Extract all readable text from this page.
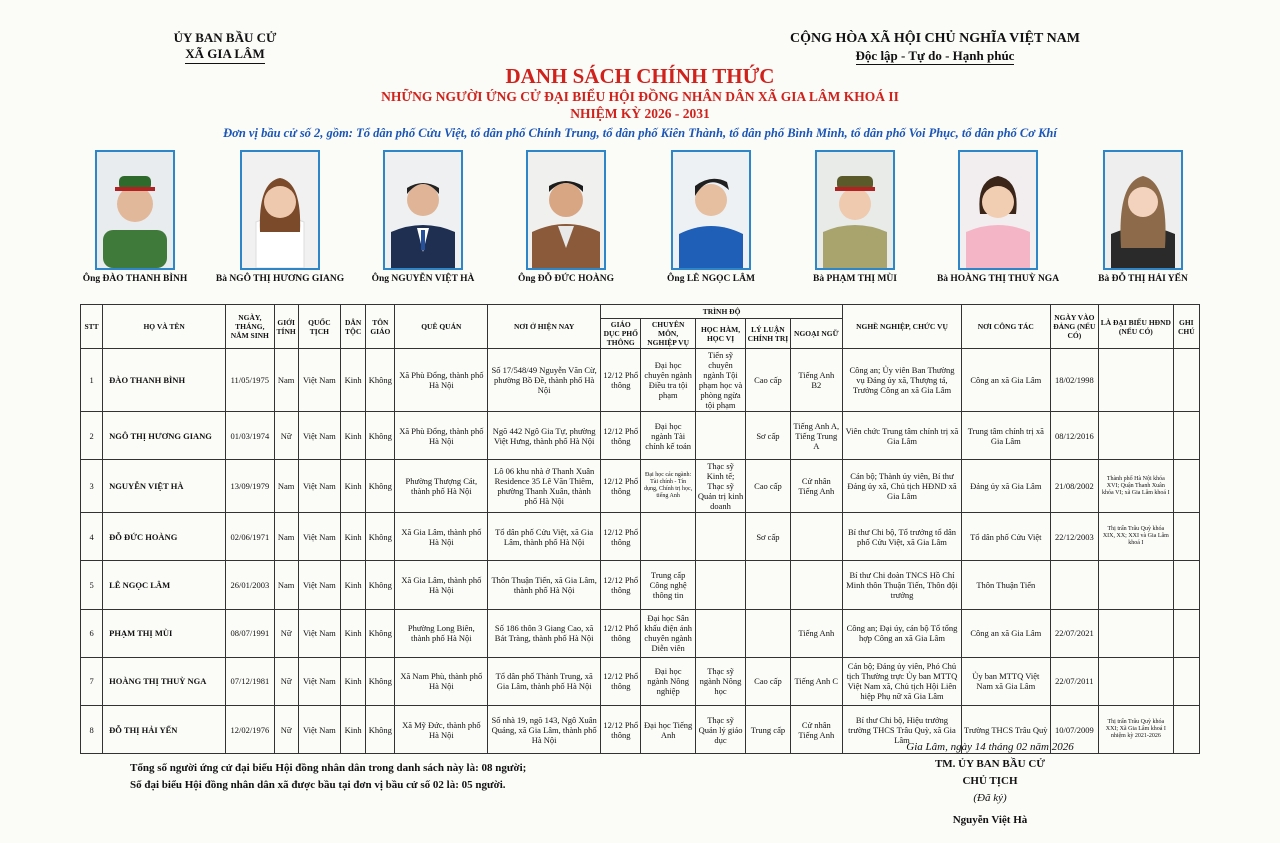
ỦY BAN BẦU CỬ
XÃ GIA LÂM
CỘNG HÒA XÃ HỘI CHỦ NGHĨA VIỆT NAM
Độc lập - Tự do - Hạnh phúc
DANH SÁCH CHÍNH THỨC
NHỮNG NGƯỜI ỨNG CỬ ĐẠI BIỂU HỘI ĐỒNG NHÂN DÂN XÃ GIA LÂM KHOÁ II
NHIỆM KỲ 2026 - 2031
Đơn vị bầu cử số 2, gồm: Tổ dân phố Cửu Việt, tổ dân phố Chính Trung, tổ dân phố Kiên Thành, tổ dân phố Bình Minh, tổ dân phố Voi Phục, tổ dân phố Cơ Khí
Ông ĐÀO THANH BÌNH	Bà NGÔ THỊ HƯƠNG GIANG	Ông NGUYỄN VIỆT HÀ	Ông ĐỖ ĐỨC HOÀNG	Ông LÊ NGỌC LÂM	Bà PHẠM THỊ MÙI	Bà HOÀNG THỊ THUỲ NGA	Bà ĐỖ THỊ HẢI YẾN
STT	HỌ VÀ TÊN	NGÀY, THÁNG, NĂM SINH	GIỚI TÍNH	QUỐC TỊCH	DÂN TỘC	TÔN GIÁO	QUÊ QUÁN	NƠI Ở HIỆN NAY	TRÌNH ĐỘ					NGHỀ NGHIỆP, CHỨC VỤ	NƠI CÔNG TÁC	NGÀY VÀO ĐẢNG (NẾU CÓ)	LÀ ĐẠI BIỂU HĐND (NẾU CÓ)	GHI CHÚ
									GIÁO DỤC PHỔ THÔNG	CHUYÊN MÔN, NGHIỆP VỤ	HỌC HÀM, HỌC VỊ	LÝ LUẬN CHÍNH TRỊ	NGOẠI NGỮ					
1	ĐÀO THANH BÌNH	11/05/1975	Nam	Việt Nam	Kinh	Không	Xã Phù Đổng, thành phố Hà Nội	Số 17/548/49 Nguyễn Văn Cừ, phường Bồ Đề, thành phố Hà Nội	12/12 Phổ thông	Đại học chuyên ngành Điều tra tội phạm	Tiến sỹ chuyên ngành Tội phạm học và phòng ngừa tội phạm	Cao cấp	Tiếng Anh B2	Công an; Ủy viên Ban Thường vụ Đảng ủy xã, Thượng tá, Trưởng Công an xã Gia Lâm	Công an xã Gia Lâm	18/02/1998		
2	NGÔ THỊ HƯƠNG GIANG	01/03/1974	Nữ	Việt Nam	Kinh	Không	Xã Phù Đổng, thành phố Hà Nội	Ngõ 442 Ngô Gia Tự, phường Việt Hưng, thành phố Hà Nội	12/12 Phổ thông	Đại học ngành Tài chính kế toán		Sơ cấp	Tiếng Anh A, Tiếng Trung A	Viên chức Trung tâm chính trị xã Gia Lâm	Trung tâm chính trị xã Gia Lâm	08/12/2016		
3	NGUYỄN VIỆT HÀ	13/09/1979	Nam	Việt Nam	Kinh	Không	Phường Thượng Cát, thành phố Hà Nội	Lô 06 khu nhà ở Thanh Xuân Residence 35 Lê Văn Thiêm, phường Thanh Xuân, thành phố Hà Nội	12/12 Phổ thông	Đại học các ngành: Tài chính - Tín dụng, Chính trị học, tiếng Anh	Thạc sỹ Kinh tế; Thạc sỹ Quản trị kinh doanh	Cao cấp	Cử nhân Tiếng Anh	Cán bộ; Thành ủy viên, Bí thư Đảng ủy xã, Chủ tịch HĐND xã Gia Lâm	Đảng ủy xã Gia Lâm	21/08/2002	Thành phố Hà Nội khóa XVI; Quận Thanh Xuân khóa VI; xã Gia Lâm khoá I	
4	ĐỖ ĐỨC HOÀNG	02/06/1971	Nam	Việt Nam	Kinh	Không	Xã Gia Lâm, thành phố Hà Nội	Tổ dân phố Cửu Việt, xã Gia Lâm, thành phố Hà Nội	12/12 Phổ thông			Sơ cấp		Bí thư Chi bộ, Tổ trưởng tổ dân phố Cửu Việt, xã Gia Lâm	Tổ dân phố Cửu Việt	22/12/2003	Thị trấn Trâu Quỳ khóa XIX, XX; XXI và Gia Lâm khoá I	
5	LÊ NGỌC LÂM	26/01/2003	Nam	Việt Nam	Kinh	Không	Xã Gia Lâm, thành phố Hà Nội	Thôn Thuận Tiến, xã Gia Lâm, thành phố Hà Nội	12/12 Phổ thông	Trung cấp Công nghệ thông tin				Bí thư Chi đoàn TNCS Hồ Chí Minh thôn Thuận Tiến, Thôn đội trưởng	Thôn Thuận Tiến			
6	PHẠM THỊ MÙI	08/07/1991	Nữ	Việt Nam	Kinh	Không	Phường Long Biên, thành phố Hà Nội	Số 186 thôn 3 Giang Cao, xã Bát Tràng, thành phố Hà Nội	12/12 Phổ thông	Đại học Sân khấu điện ảnh chuyên ngành Diễn viên			Tiếng Anh	Công an; Đại úy, cán bộ Tổ tổng hợp Công an xã Gia Lâm	Công an xã Gia Lâm	22/07/2021		
7	HOÀNG THỊ THUỲ NGA	07/12/1981	Nữ	Việt Nam	Kinh	Không	Xã Nam Phù, thành phố Hà Nội	Tổ dân phố Thành Trung, xã Gia Lâm, thành phố Hà Nội	12/12 Phổ thông	Đại học ngành Nông nghiệp	Thạc sỹ ngành Nông học	Cao cấp	Tiếng Anh C	Cán bộ; Đảng ủy viên, Phó Chủ tịch Thường trực Ủy ban MTTQ Việt Nam xã, Chủ tịch Hội Liên hiệp Phụ nữ xã Gia Lâm	Ủy ban MTTQ Việt Nam xã Gia Lâm	22/07/2011		
8	ĐỖ THỊ HẢI YẾN	12/02/1976	Nữ	Việt Nam	Kinh	Không	Xã Mỹ Đức, thành phố Hà Nội	Số nhà 19, ngõ 143, Ngô Xuân Quảng, xã Gia Lâm, thành phố Hà Nội	12/12 Phổ thông	Đại học Tiếng Anh	Thạc sỹ Quản lý giáo dục	Trung cấp	Cử nhân Tiếng Anh	Bí thư Chi bộ, Hiệu trưởng trường THCS Trâu Quỳ, xã Gia Lâm	Trường THCS Trâu Quỳ	10/07/2009	Thị trấn Trâu Quỳ khóa XXI; Xã Gia Lâm khoá I nhiệm kỳ 2021-2026	
Tổng số người ứng cử đại biểu Hội đồng nhân dân trong danh sách này là: 08 người;
Số đại biểu Hội đồng nhân dân xã được bầu tại đơn vị bầu cử số 02 là: 05 người.
Gia Lâm, ngày 14 tháng 02 năm 2026
TM. ỦY BAN BẦU CỬ
CHỦ TỊCH
(Đã ký)
Nguyễn Việt Hà
